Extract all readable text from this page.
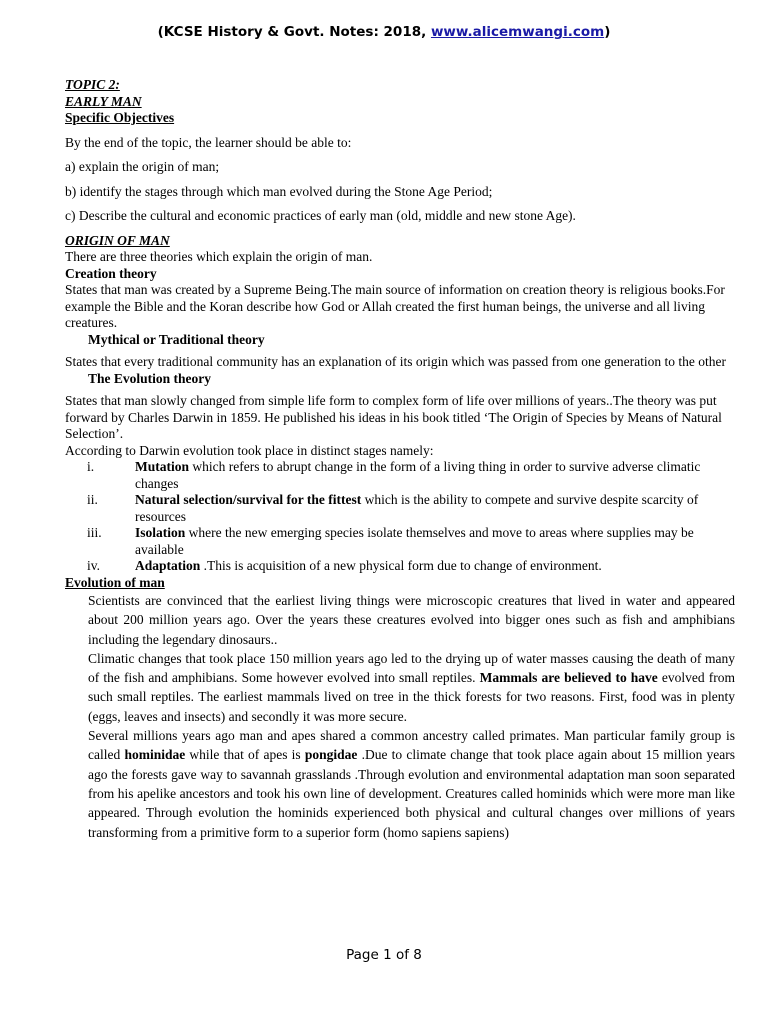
(KCSE History & Govt. Notes: 2018, www.alicemwangi.com)
TOPIC 2:
EARLY MAN
Specific Objectives

By the end of the topic, the learner should be able to:

a) explain the origin of man;

b) identify the stages through which man evolved during the Stone Age Period;

c) Describe the cultural and economic practices of early man (old, middle and new stone Age).

ORIGIN OF MAN

There are three theories which explain the origin of man.

Creation theory

States that man was created by a Supreme Being.The main source of information on creation theory is religious books.For example the Bible and the Koran describe how God or Allah created the first human beings, the universe and all living creatures.

Mythical or Traditional theory

States that every traditional community has an explanation of its origin which was passed from one generation to the other

The Evolution theory

States that man slowly changed from simple life form to complex form of life over millions of years..The theory was put forward by Charles Darwin in 1859. He published his ideas in his book titled ‘The Origin of Species by Means of Natural Selection’.

According to Darwin evolution took place in distinct stages namely:

i.	Mutation which refers to abrupt change in the form of a living thing in order to survive adverse climatic changes
ii.	Natural selection/survival for the fittest which is the ability to compete and survive despite scarcity of resources
iii. Isolation where the new emerging species isolate themselves and move to areas where supplies may be available
iv.	Adaptation .This is acquisition of a new physical form due to change of environment.
Evolution of man

Scientists are convinced that the earliest living things were microscopic creatures that lived in water and appeared about 200 million years ago. Over the years these creatures evolved into bigger ones such as fish and amphibians including the legendary dinosaurs..

Climatic changes that took place 150 million years ago led to the drying up of water masses causing the death of many of the fish and amphibians. Some however evolved into small reptiles. Mammals are believed to have evolved from such small reptiles. The earliest mammals lived on tree in the thick forests for two reasons. First, food was in plenty (eggs, leaves and insects) and secondly it was more secure.

Several millions years ago man and apes shared a common ancestry called primates. Man particular family group is called hominidae while that of apes is pongidae .Due to climate change that took place again about 15 million years ago the forests gave way to savannah grasslands .Through evolution and environmental adaptation man soon separated from his apelike ancestors and took his own line of development. Creatures called hominids which were more man like appeared. Through evolution the hominids experienced both physical and cultural changes over millions of years transforming from a primitive form to a superior form (homo sapiens sapiens)

Page 1 of 8
